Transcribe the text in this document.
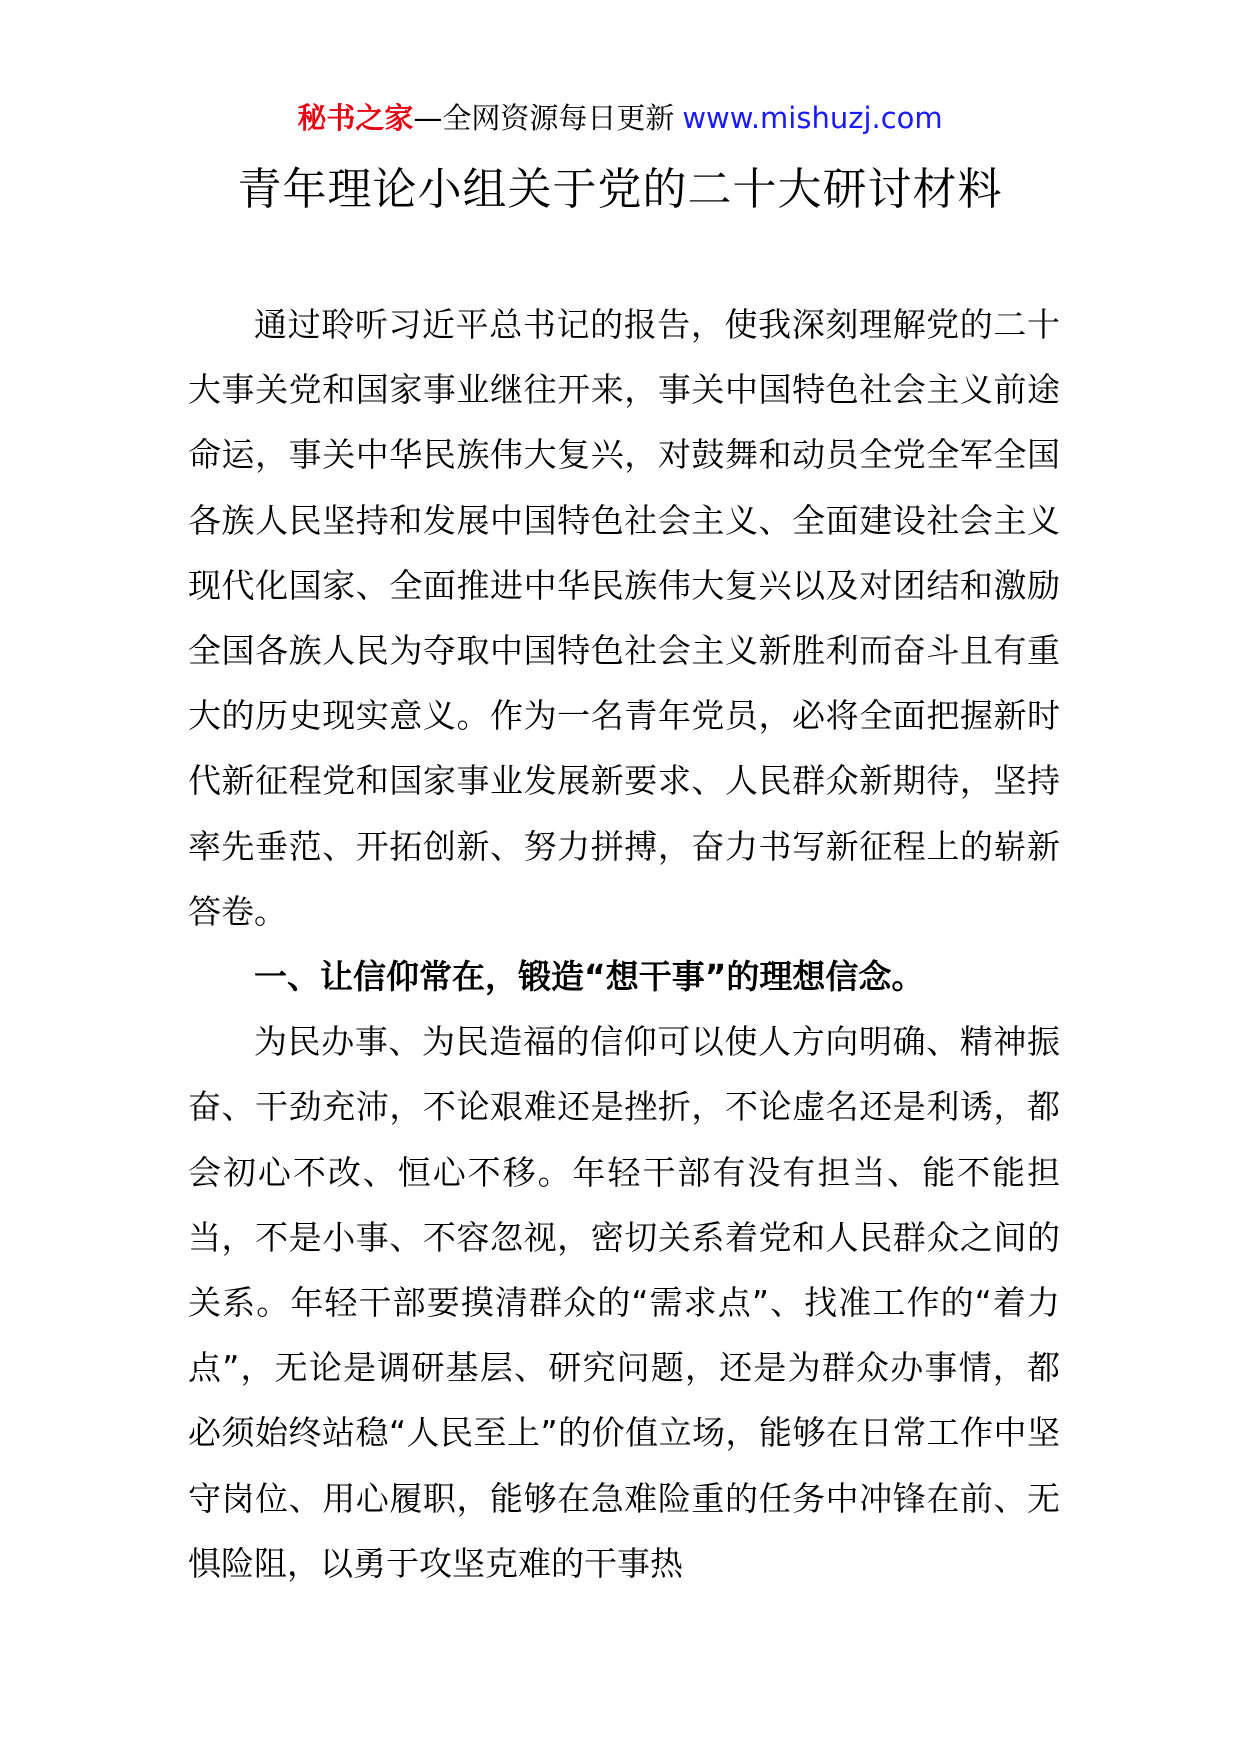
秘书之家—全网资源每日更新 www.mishuzj.com
青年理论小组关于党的二十大研讨材料

通过聆听习近平总书记的报告，使我深刻理解党的二十大事关党和国家事业继往开来，事关中国特色社会主义前途命运，事关中华民族伟大复兴，对鼓舞和动员全党全军全国各族人民坚持和发展中国特色社会主义、全面建设社会主义现代化国家、全面推进中华民族伟大复兴以及对团结和激励全国各族人民为夺取中国特色社会主义新胜利而奋斗且有重大的历史现实意义。作为一名青年党员，必将全面把握新时代新征程党和国家事业发展新要求、人民群众新期待，坚持率先垂范、开拓创新、努力拼搏，奋力书写新征程上的崭新答卷。

一、让信仰常在，锻造“想干事”的理想信念。

为民办事、为民造福的信仰可以使人方向明确、精神振奋、干劲充沛，不论艰难还是挫折，不论虚名还是利诱，都会初心不改、恒心不移。年轻干部有没有担当、能不能担当，不是小事、不容忽视，密切关系着党和人民群众之间的关系。年轻干部要摸清群众的“需求点”、找准工作的“着力点”，无论是调研基层、研究问题，还是为群众办事情，都必须始终站稳“人民至上”的价值立场，能够在日常工作中坚守岗位、用心履职，能够在急难险重的任务中冲锋在前、无惧险阻，以勇于攻坚克难的干事热
